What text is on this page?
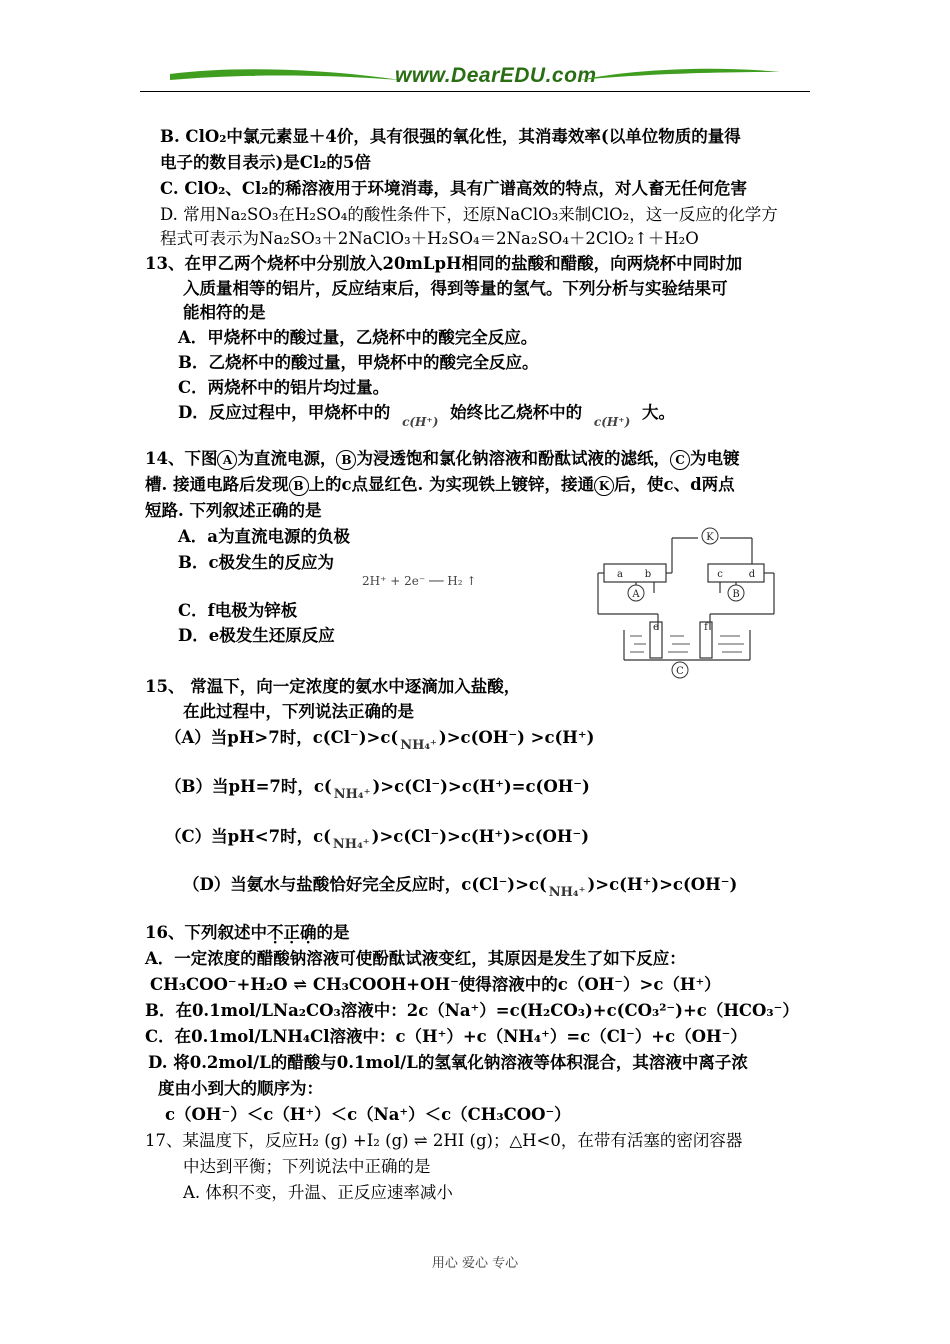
www.DearEDU.com
B. ClO₂中氯元素显＋4价，具有很强的氧化性，其消毒效率(以单位物质的量得
电子的数目表示)是Cl₂的5倍
C. ClO₂、Cl₂的稀溶液用于环境消毒，具有广谱高效的特点，对人畜无任何危害
D. 常用Na₂SO₃在H₂SO₄的酸性条件下，还原NaClO₃来制ClO₂，这一反应的化学方
程式可表示为Na₂SO₃＋2NaClO₃＋H₂SO₄＝2Na₂SO₄＋2ClO₂↑＋H₂O
13、在甲乙两个烧杯中分别放入20mLpH相同的盐酸和醋酸，向两烧杯中同时加
入质量相等的铝片，反应结束后，得到等量的氢气。下列分析与实验结果可
能相符的是
A．甲烧杯中的酸过量，乙烧杯中的酸完全反应。
B．乙烧杯中的酸过量，甲烧杯中的酸完全反应。
C．两烧杯中的铝片均过量。
D．反应过程中，甲烧杯中的 $_{c(H^+)}$ 始终比乙烧杯中的 $_{c(H^+)}$ 大。
14、下图 A 为直流电源， B 为浸透饱和氯化钠溶液和酚酞试液的滤纸， C 为电镀
槽. 接通电路后发现 B 上的c点显红色. 为实现铁上镀锌，接通 K 后，使c、d两点
短路. 下列叙述正确的是
A．a为直流电源的负极
B．c极发生的反应为
2H⁺ + 2e⁻ ── H₂ ↑
C．f电极为锌板
D．e极发生还原反应
K
A	B
C
a b	c	d
e	f
15、 常温下，向一定浓度的氨水中逐滴加入盐酸，
在此过程中，下列说法正确的是
（A）当pH>7时，c(Cl⁻)>c( NH₄⁺ )>c(OH⁻) >c(H⁺)
（B）当pH=7时，c( NH₄⁺ )>c(Cl⁻)>c(H⁺)=c(OH⁻)
（C）当pH<7时，c( NH₄⁺ )>c(Cl⁻)>c(H⁺)>c(OH⁻)
（D）当氨水与盐酸恰好完全反应时，c(Cl⁻)>c( NH₄⁺ )>c(H⁺)>c(OH⁻)
16、下列叙述中不正确的是
A．一定浓度的醋酸钠溶液可使酚酞试液变红，其原因是发生了如下反应：
CH₃COO⁻+H₂O ⇌ CH₃COOH+OH⁻使得溶液中的c（OH⁻）>c（H⁺）
B．在0.1mol/LNa₂CO₃溶液中：2c（Na⁺）=c(H₂CO₃)+c(CO₃²⁻)+c（HCO₃⁻）
C．在0.1mol/LNH₄Cl溶液中：c（H⁺）+c（NH₄⁺）=c（Cl⁻）+c（OH⁻）
D. 将0.2mol/L的醋酸与0.1mol/L的氢氧化钠溶液等体积混合，其溶液中离子浓
度由小到大的顺序为：
c（OH⁻）＜c（H⁺）＜c（Na⁺）＜c（CH₃COO⁻）
17、某温度下，反应H₂ (g) +I₂ (g) ⇌ 2HI (g)；△H<0，在带有活塞的密闭容器
中达到平衡；下列说法中正确的是
A. 体积不变，升温、正反应速率减小
用心 爱心 专心
